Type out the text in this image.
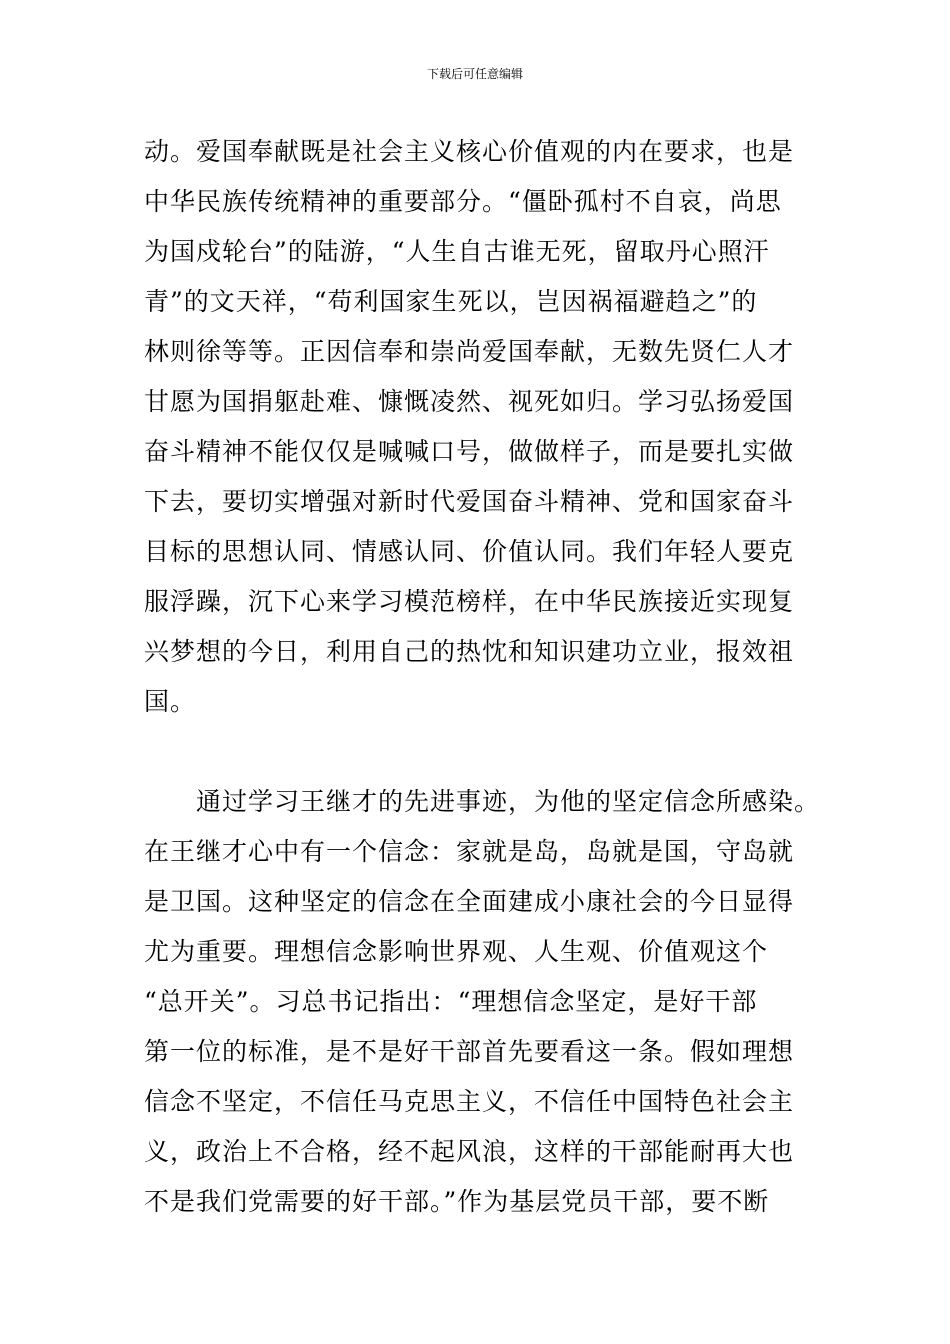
下载后可任意编辑
动。爱国奉献既是社会主义核心价值观的内在要求，也是
中华民族传统精神的重要部分。“僵卧孤村不自哀，尚思
为国戍轮台”的陆游，“人生自古谁无死，留取丹心照汗
青”的文天祥，“苟利国家生死以，岂因祸福避趋之”的
林则徐等等。正因信奉和崇尚爱国奉献，无数先贤仁人才
甘愿为国捐躯赴难、慷慨凌然、视死如归。学习弘扬爱国
奋斗精神不能仅仅是喊喊口号，做做样子，而是要扎实做
下去，要切实增强对新时代爱国奋斗精神、党和国家奋斗
目标的思想认同、情感认同、价值认同。我们年轻人要克
服浮躁，沉下心来学习模范榜样，在中华民族接近实现复
兴梦想的今日，利用自己的热忱和知识建功立业，报效祖
国。
通过学习王继才的先进事迹，为他的坚定信念所感染。
在王继才心中有一个信念：家就是岛，岛就是国，守岛就
是卫国。这种坚定的信念在全面建成小康社会的今日显得
尤为重要。理想信念影响世界观、人生观、价值观这个
“总开关”。习总书记指出：“理想信念坚定，是好干部
第一位的标准，是不是好干部首先要看这一条。假如理想
信念不坚定，不信任马克思主义，不信任中国特色社会主
义，政治上不合格，经不起风浪，这样的干部能耐再大也
不是我们党需要的好干部。”作为基层党员干部，要不断
